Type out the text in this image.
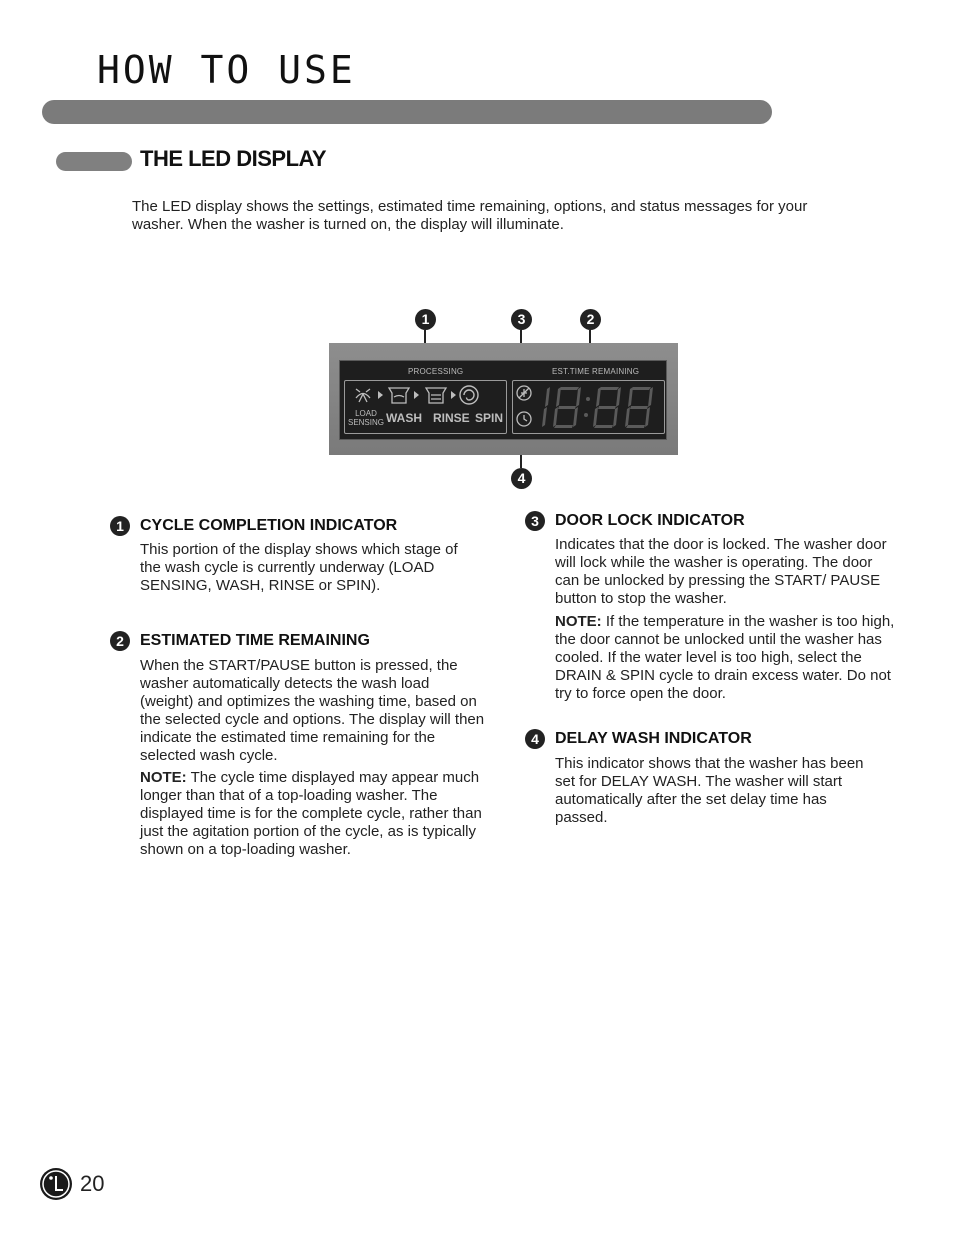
HOW TO USE
THE LED DISPLAY

The LED display shows the settings, estimated time remaining, options, and status messages for your washer. When the washer is turned on, the display will illuminate.

1	3	2
4
PROCESSING	EST.TIME REMAINING
LOAD SENSING WASH RINSE SPIN
1	CYCLE COMPLETION INDICATOR

This portion of the display shows which stage of the wash cycle is currently underway (LOAD SENSING, WASH, RINSE or SPIN).

2	ESTIMATED TIME REMAINING

When the START/PAUSE button is pressed, the washer automatically detects the wash load (weight) and optimizes the washing time, based on the selected cycle and options. The display will then indicate the estimated time remaining for the selected wash cycle.

NOTE: The cycle time displayed may appear much longer than that of a top-loading washer. The displayed time is for the complete cycle, rather than just the agitation portion of the cycle, as is typically shown on a top-loading washer.

3	DOOR LOCK INDICATOR

Indicates that the door is locked. The washer door will lock while the washer is operating. The door can be unlocked by pressing the START/ PAUSE button to stop the washer.

NOTE: If the temperature in the washer is too high, the door cannot be unlocked until the washer has cooled. If the water level is too high, select the DRAIN & SPIN cycle to drain excess water. Do not try to force open the door.

4	DELAY WASH INDICATOR

This indicator shows that the washer has been set for DELAY WASH. The washer will start automatically after the set delay time has passed.

20
